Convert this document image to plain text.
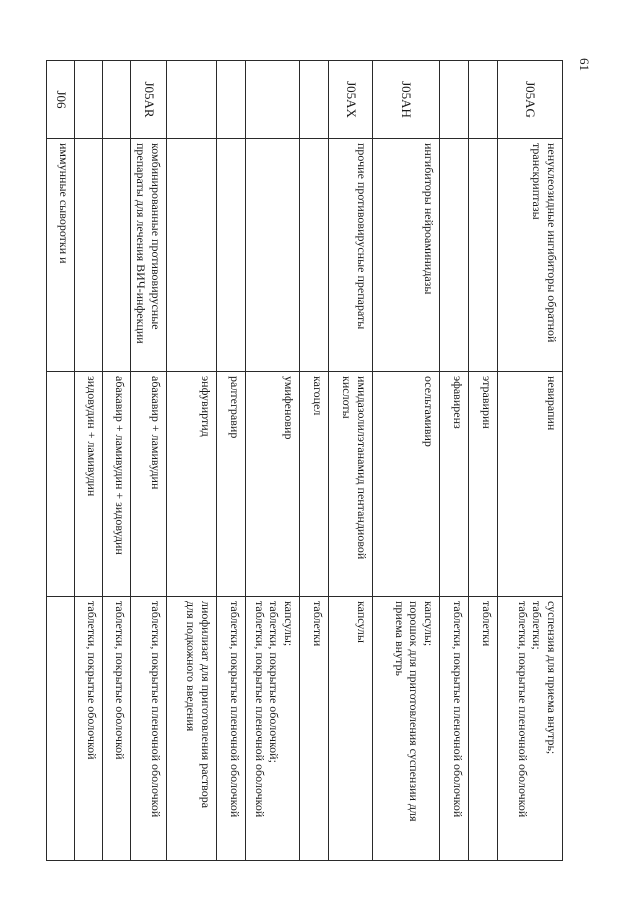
61
J05AG	ненуклеозидные ингибиторы обратной транскриптазы	невирапин	суспензия для приема внутрь;
таблетки;
таблетки, покрытые пленочной оболочкой

		этравирин	таблетки

		эфавиренз	таблетки, покрытые пленочной оболочкой

J05AH	ингибиторы нейроаминидазы	осельтамивир	капсулы;
порошок для приготовления суспензии для приема внутрь

J05AX	прочие противовирусные препараты	имидазолилэтанамид пентандиовой кислоты	капсулы

		кагоцел	таблетки

		умифеновир	капсулы;
таблетки, покрытые оболочкой;
таблетки, покрытые пленочной оболочкой

		ралтегравир	таблетки, покрытые пленочной оболочкой

		энфувиртид	лиофилизат для приготовления раствора
для подкожного введения

J05AR	комбинированные противовирусные препараты для лечения ВИЧ-инфекции	абакавир + ламивудин	таблетки, покрытые пленочной оболочкой

		абакавир + ламивудин + зидовудин	таблетки, покрытые оболочкой

		зидовудин + ламивудин	таблетки, покрытые оболочкой

J06	иммунные сыворотки и		
